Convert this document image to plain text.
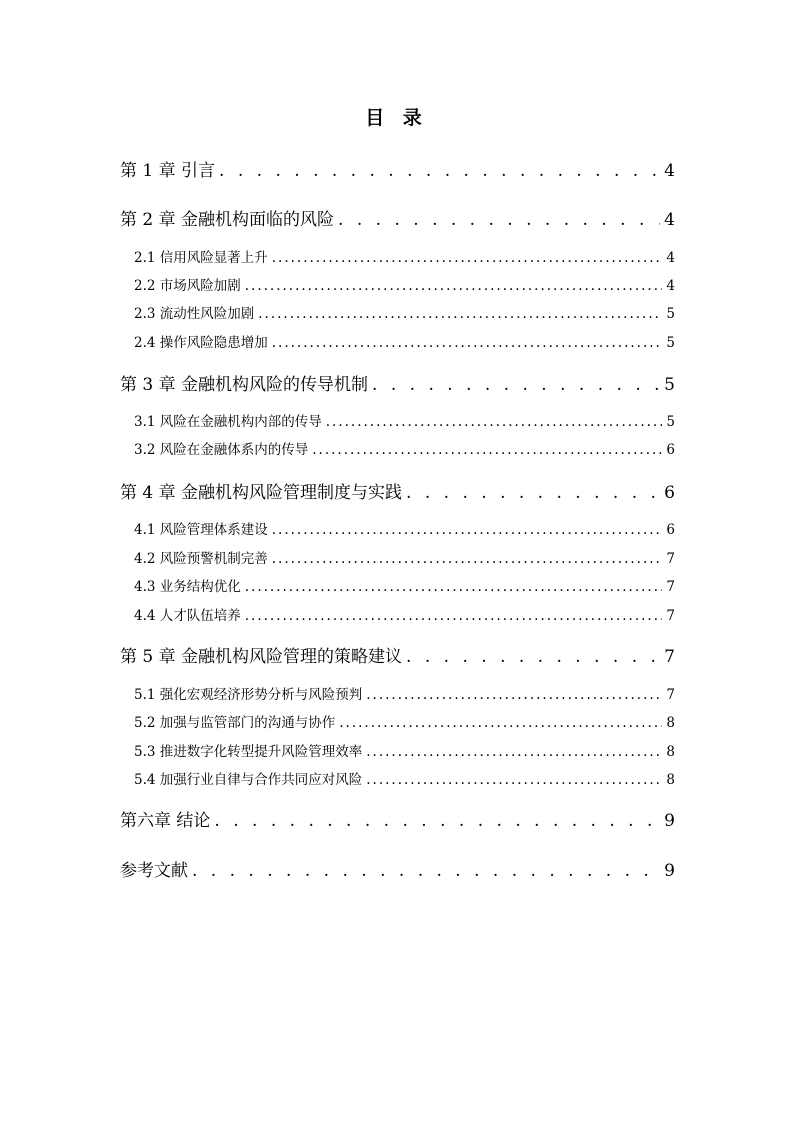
目 录
第 1 章 引言 . . .	4
第 2 章 金融机构面临的风险 . . .	4
2.1 信用风险显著上升 .....	4
2.2 市场风险加剧 .....	4
2.3 流动性风险加剧 .....	5
2.4 操作风险隐患增加 .....	5
第 3 章 金融机构风险的传导机制 . . .	5
3.1 风险在金融机构内部的传导 .....	5
3.2 风险在金融体系内的传导 .....	6
第 4 章 金融机构风险管理制度与实践 . . .	6
4.1 风险管理体系建设 .....	6
4.2 风险预警机制完善 .....	7
4.3 业务结构优化 .....	7
4.4 人才队伍培养 .....	7
第 5 章 金融机构风险管理的策略建议 . . .	7
5.1 强化宏观经济形势分析与风险预判 .....	7
5.2 加强与监管部门的沟通与协作 .....	8
5.3 推进数字化转型提升风险管理效率 .....	8
5.4 加强行业自律与合作共同应对风险 .....	8
第六章 结论 . . .	9
参考文献 . . .	9
